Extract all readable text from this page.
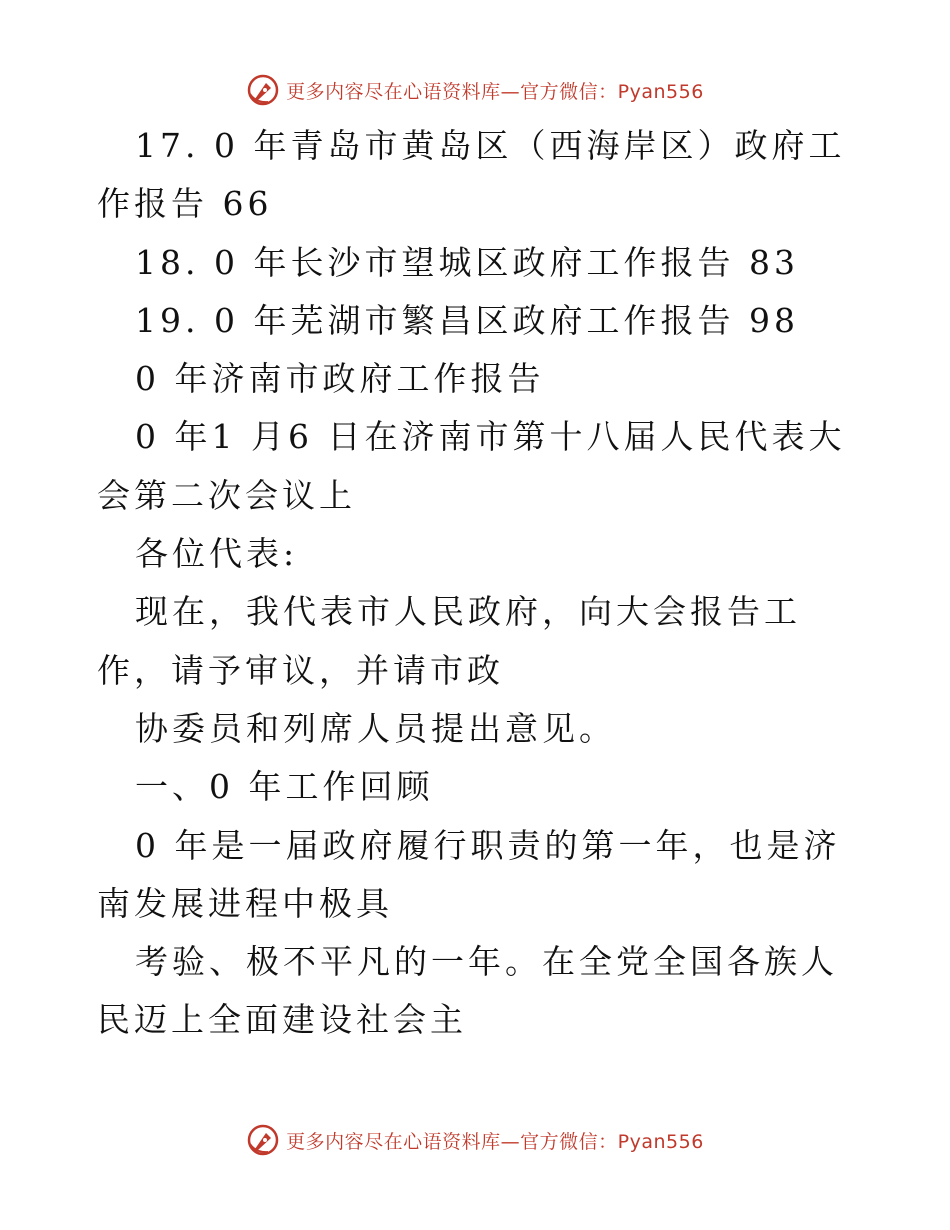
更多内容尽在心语资料库—官方微信：Pyan556

17. 0 年青岛市黄岛区（西海岸区）政府工作报告 66

18. 0 年长沙市望城区政府工作报告 83

19. 0 年芜湖市繁昌区政府工作报告 98

0 年济南市政府工作报告

0 年1 月6 日在济南市第十八届人民代表大会第二次会议上

各位代表:

现在，我代表市人民政府，向大会报告工作，请予审议，并请市政

协委员和列席人员提出意见。

一、0 年工作回顾

0 年是一届政府履行职责的第一年，也是济南发展进程中极具

考验、极不平凡的一年。在全党全国各族人民迈上全面建设社会主

更多内容尽在心语资料库—官方微信：Pyan556
